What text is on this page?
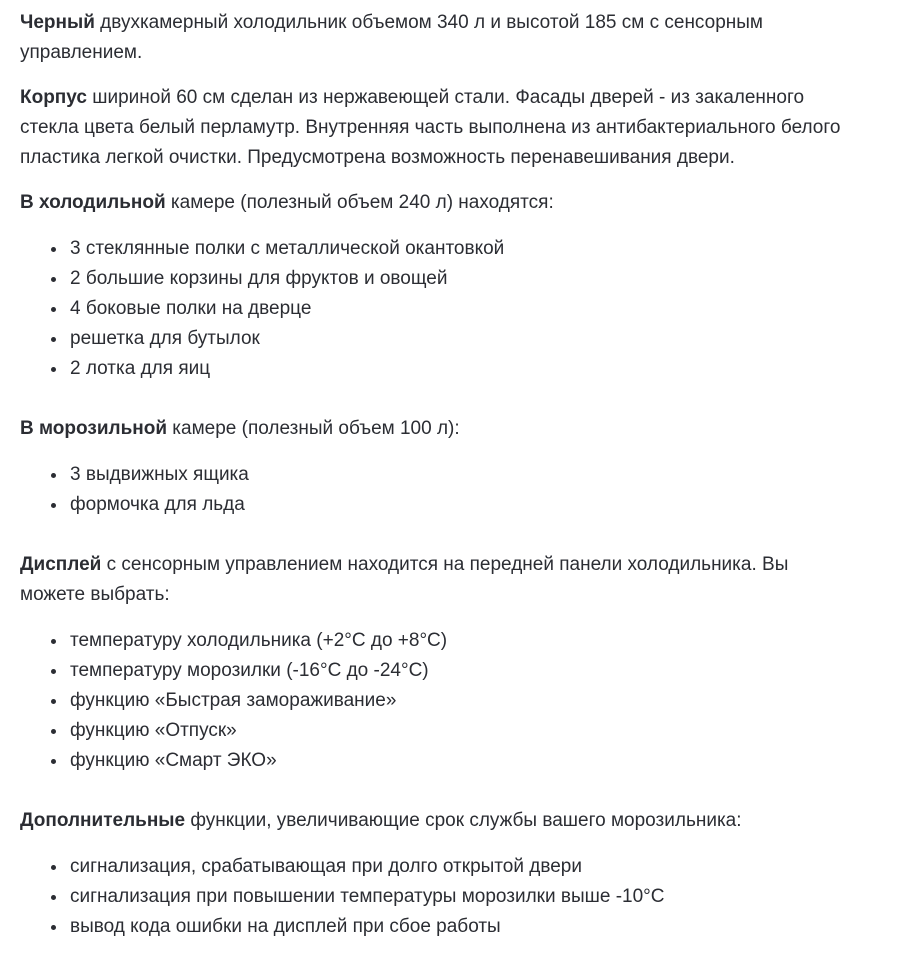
Черный двухкамерный холодильник объемом 340 л и высотой 185 см с сенсорным управлением.

Корпус шириной 60 см сделан из нержавеющей стали. Фасады дверей - из закаленного стекла цвета белый перламутр. Внутренняя часть выполнена из антибактериального белого пластика легкой очистки. Предусмотрена возможность перенавешивания двери.

В холодильной камере (полезный объем 240 л) находятся:

• 3 стеклянные полки с металлической окантовкой
• 2 большие корзины для фруктов и овощей
• 4 боковые полки на дверце
• решетка для бутылок
• 2 лотка для яиц

В морозильной камере (полезный объем 100 л):

• 3 выдвижных ящика
• формочка для льда

Дисплей с сенсорным управлением находится на передней панели холодильника. Вы можете выбрать:

• температуру холодильника (+2°C до +8°C)
• температуру морозилки (-16°C до -24°C)
• функцию «Быстрая замораживание»
• функцию «Отпуск»
• функцию «Смарт ЭКО»

Дополнительные функции, увеличивающие срок службы вашего морозильника:

• сигнализация, срабатывающая при долго открытой двери
• сигнализация при повышении температуры морозилки выше -10°C
• вывод кода ошибки на дисплей при сбое работы
